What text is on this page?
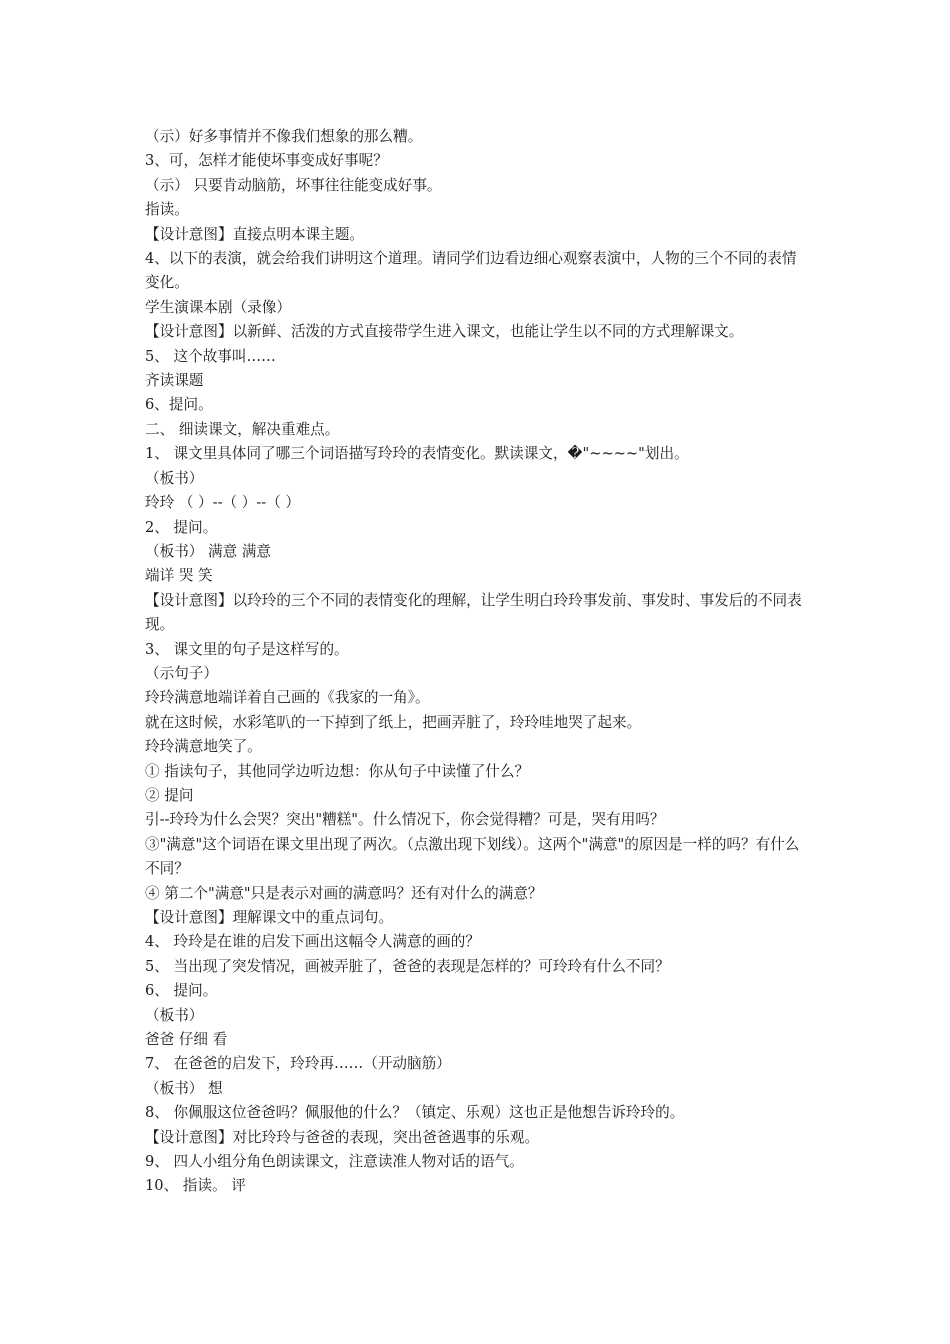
（示）好多事情并不像我们想象的那么糟。

3、可，怎样才能使坏事变成好事呢？

（示） 只要肯动脑筋，坏事往往能变成好事。

指读。

【设计意图】直接点明本课主题。

4、以下的表演，就会给我们讲明这个道理。请同学们边看边细心观察表演中，人物的三个不同的表情变化。

学生演课本剧（录像）

【设计意图】以新鲜、活泼的方式直接带学生进入课文，也能让学生以不同的方式理解课文。

5、 这个故事叫……

齐读课题

6、提问。

二、 细读课文，解决重难点。

1、 课文里具体同了哪三个词语描写玲玲的表情变化。默读课文，�"~~~~"划出。

（板书）

玲玲 （ ）--（ ）--（ ）

2、 提问。

（板书） 满意 满意

端详 哭 笑

【设计意图】以玲玲的三个不同的表情变化的理解，让学生明白玲玲事发前、事发时、事发后的不同表现。

3、 课文里的句子是这样写的。

（示句子）

玲玲满意地端详着自己画的《我家的一角》。

就在这时候，水彩笔叭的一下掉到了纸上，把画弄脏了，玲玲哇地哭了起来。

玲玲满意地笑了。

① 指读句子，其他同学边听边想：你从句子中读懂了什么？

② 提问

引--玲玲为什么会哭？突出"糟糕"。什么情况下，你会觉得糟？可是，哭有用吗？

③"满意"这个词语在课文里出现了两次。（点激出现下划线）。这两个"满意"的原因是一样的吗？有什么不同？

④ 第二个"满意"只是表示对画的满意吗？还有对什么的满意？

【设计意图】理解课文中的重点词句。

4、 玲玲是在谁的启发下画出这幅令人满意的画的？

5、 当出现了突发情况，画被弄脏了，爸爸的表现是怎样的？可玲玲有什么不同？

6、 提问。

（板书）

爸爸 仔细 看

7、 在爸爸的启发下，玲玲再……（开动脑筋）

（板书） 想

8、 你佩服这位爸爸吗？佩服他的什么？（镇定、乐观）这也正是他想告诉玲玲的。

【设计意图】对比玲玲与爸爸的表现，突出爸爸遇事的乐观。

9、 四人小组分角色朗读课文，注意读准人物对话的语气。

10、 指读。 评
